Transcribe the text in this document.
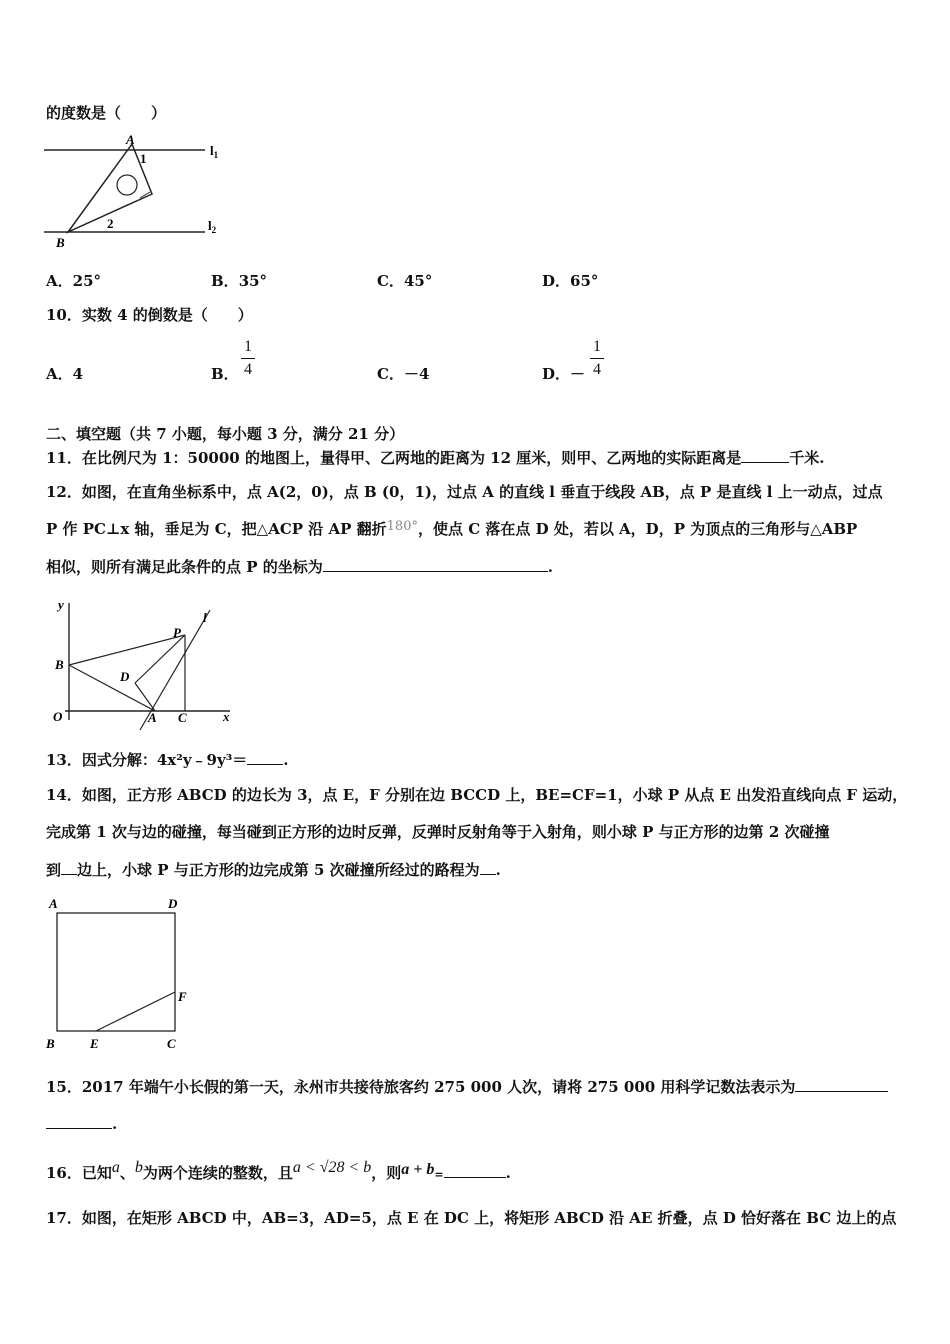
的度数是（　　）
A
1
2
B
$l_1$
$l_2$
A．25°	B．35°	C．45°	D．65°
10．实数 4 的倒数是（　　）
A．4	B．
1
4	C．－4	D．－
1
4
二、填空题（共 7 小题，每小题 3 分，满分 21 分）
11．在比例尺为 1：50000 的地图上，量得甲、乙两地的距离为 12 厘米，则甲、乙两地的实际距离是	千米.
12．如图，在直角坐标系中，点 A(2，0)，点 B (0，1)，过点 A 的直线 l 垂直于线段 AB，点 P 是直线 l 上一动点，过点
P 作 PC⊥x 轴，垂足为 C，把△ACP 沿 AP 翻折180°，使点 C 落在点 D 处，若以 A，D，P 为顶点的三角形与△ABP
相似，则所有满足此条件的点 P 的坐标为	.
y
x
O
B
D
A C
P
l
13．因式分解：4x²y﹣9y³＝ .
14．如图，正方形 ABCD 的边长为 3，点 E，F 分别在边 BCCD 上，BE=CF=1，小球 P 从点 E 出发沿直线向点 F 运动，
完成第 1 次与边的碰撞，每当碰到正方形的边时反弹，反弹时反射角等于入射角，则小球 P 与正方形的边第 2 次碰撞
到 边上，小球 P 与正方形的边完成第 5 次碰撞所经过的路程为 .
A	D
B	E	C
F
15．2017 年端午小长假的第一天，永州市共接待旅客约 275 000 人次，请将 275 000 用科学记数法表示为
.
16．已知a、b为两个连续的整数，且a < √28 < b，则a + b=	.
17．如图，在矩形 ABCD 中，AB=3，AD=5，点 E 在 DC 上，将矩形 ABCD 沿 AE 折叠，点 D 恰好落在 BC 边上的点
